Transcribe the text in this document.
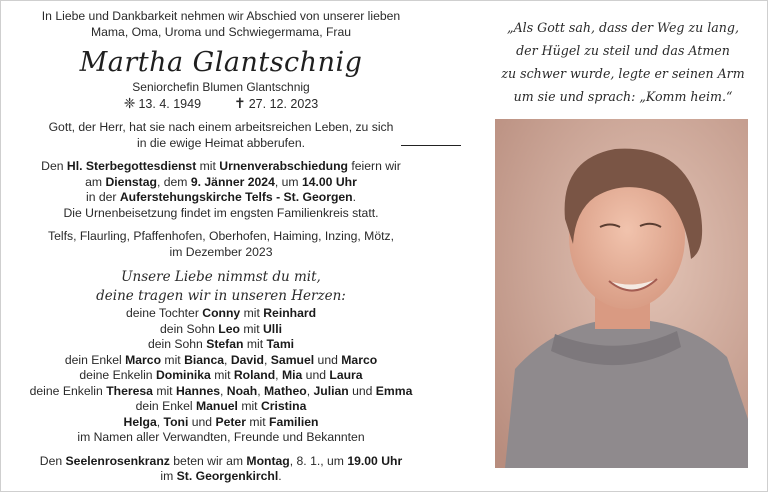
In Liebe und Dankbarkeit nehmen wir Abschied von unserer lieben
Mama, Oma, Uroma und Schwiegermama, Frau

Martha Glantschnig

Seniorchefin Blumen Glantschnig

❈ 13. 4. 1949 ✝ 27. 12. 2023

Gott, der Herr, hat sie nach einem arbeitsreichen Leben, zu sich
in die ewige Heimat abberufen.

Den Hl. Sterbegottesdienst mit Urnenverabschiedung feiern wir
am Dienstag, dem 9. Jänner 2024, um 14.00 Uhr
in der Auferstehungskirche Telfs - St. Georgen.
Die Urnenbeisetzung findet im engsten Familienkreis statt.

Telfs, Flaurling, Pfaffenhofen, Oberhofen, Haiming, Inzing, Mötz,
im Dezember 2023

Unsere Liebe nimmst du mit,
deine tragen wir in unseren Herzen:

deine Tochter Conny mit Reinhard
dein Sohn Leo mit Ulli
dein Sohn Stefan mit Tami
dein Enkel Marco mit Bianca, David, Samuel und Marco
deine Enkelin Dominika mit Roland, Mia und Laura
deine Enkelin Theresa mit Hannes, Noah, Matheo, Julian und Emma
dein Enkel Manuel mit Cristina
Helga, Toni und Peter mit Familien
im Namen aller Verwandten, Freunde und Bekannten

Den Seelenrosenkranz beten wir am Montag, 8. 1., um 19.00 Uhr
im St. Georgenkirchl.

„Als Gott sah, dass der Weg zu lang,

der Hügel zu steil und das Atmen

zu schwer wurde, legte er seinen Arm

um sie und sprach: „Komm heim.“
